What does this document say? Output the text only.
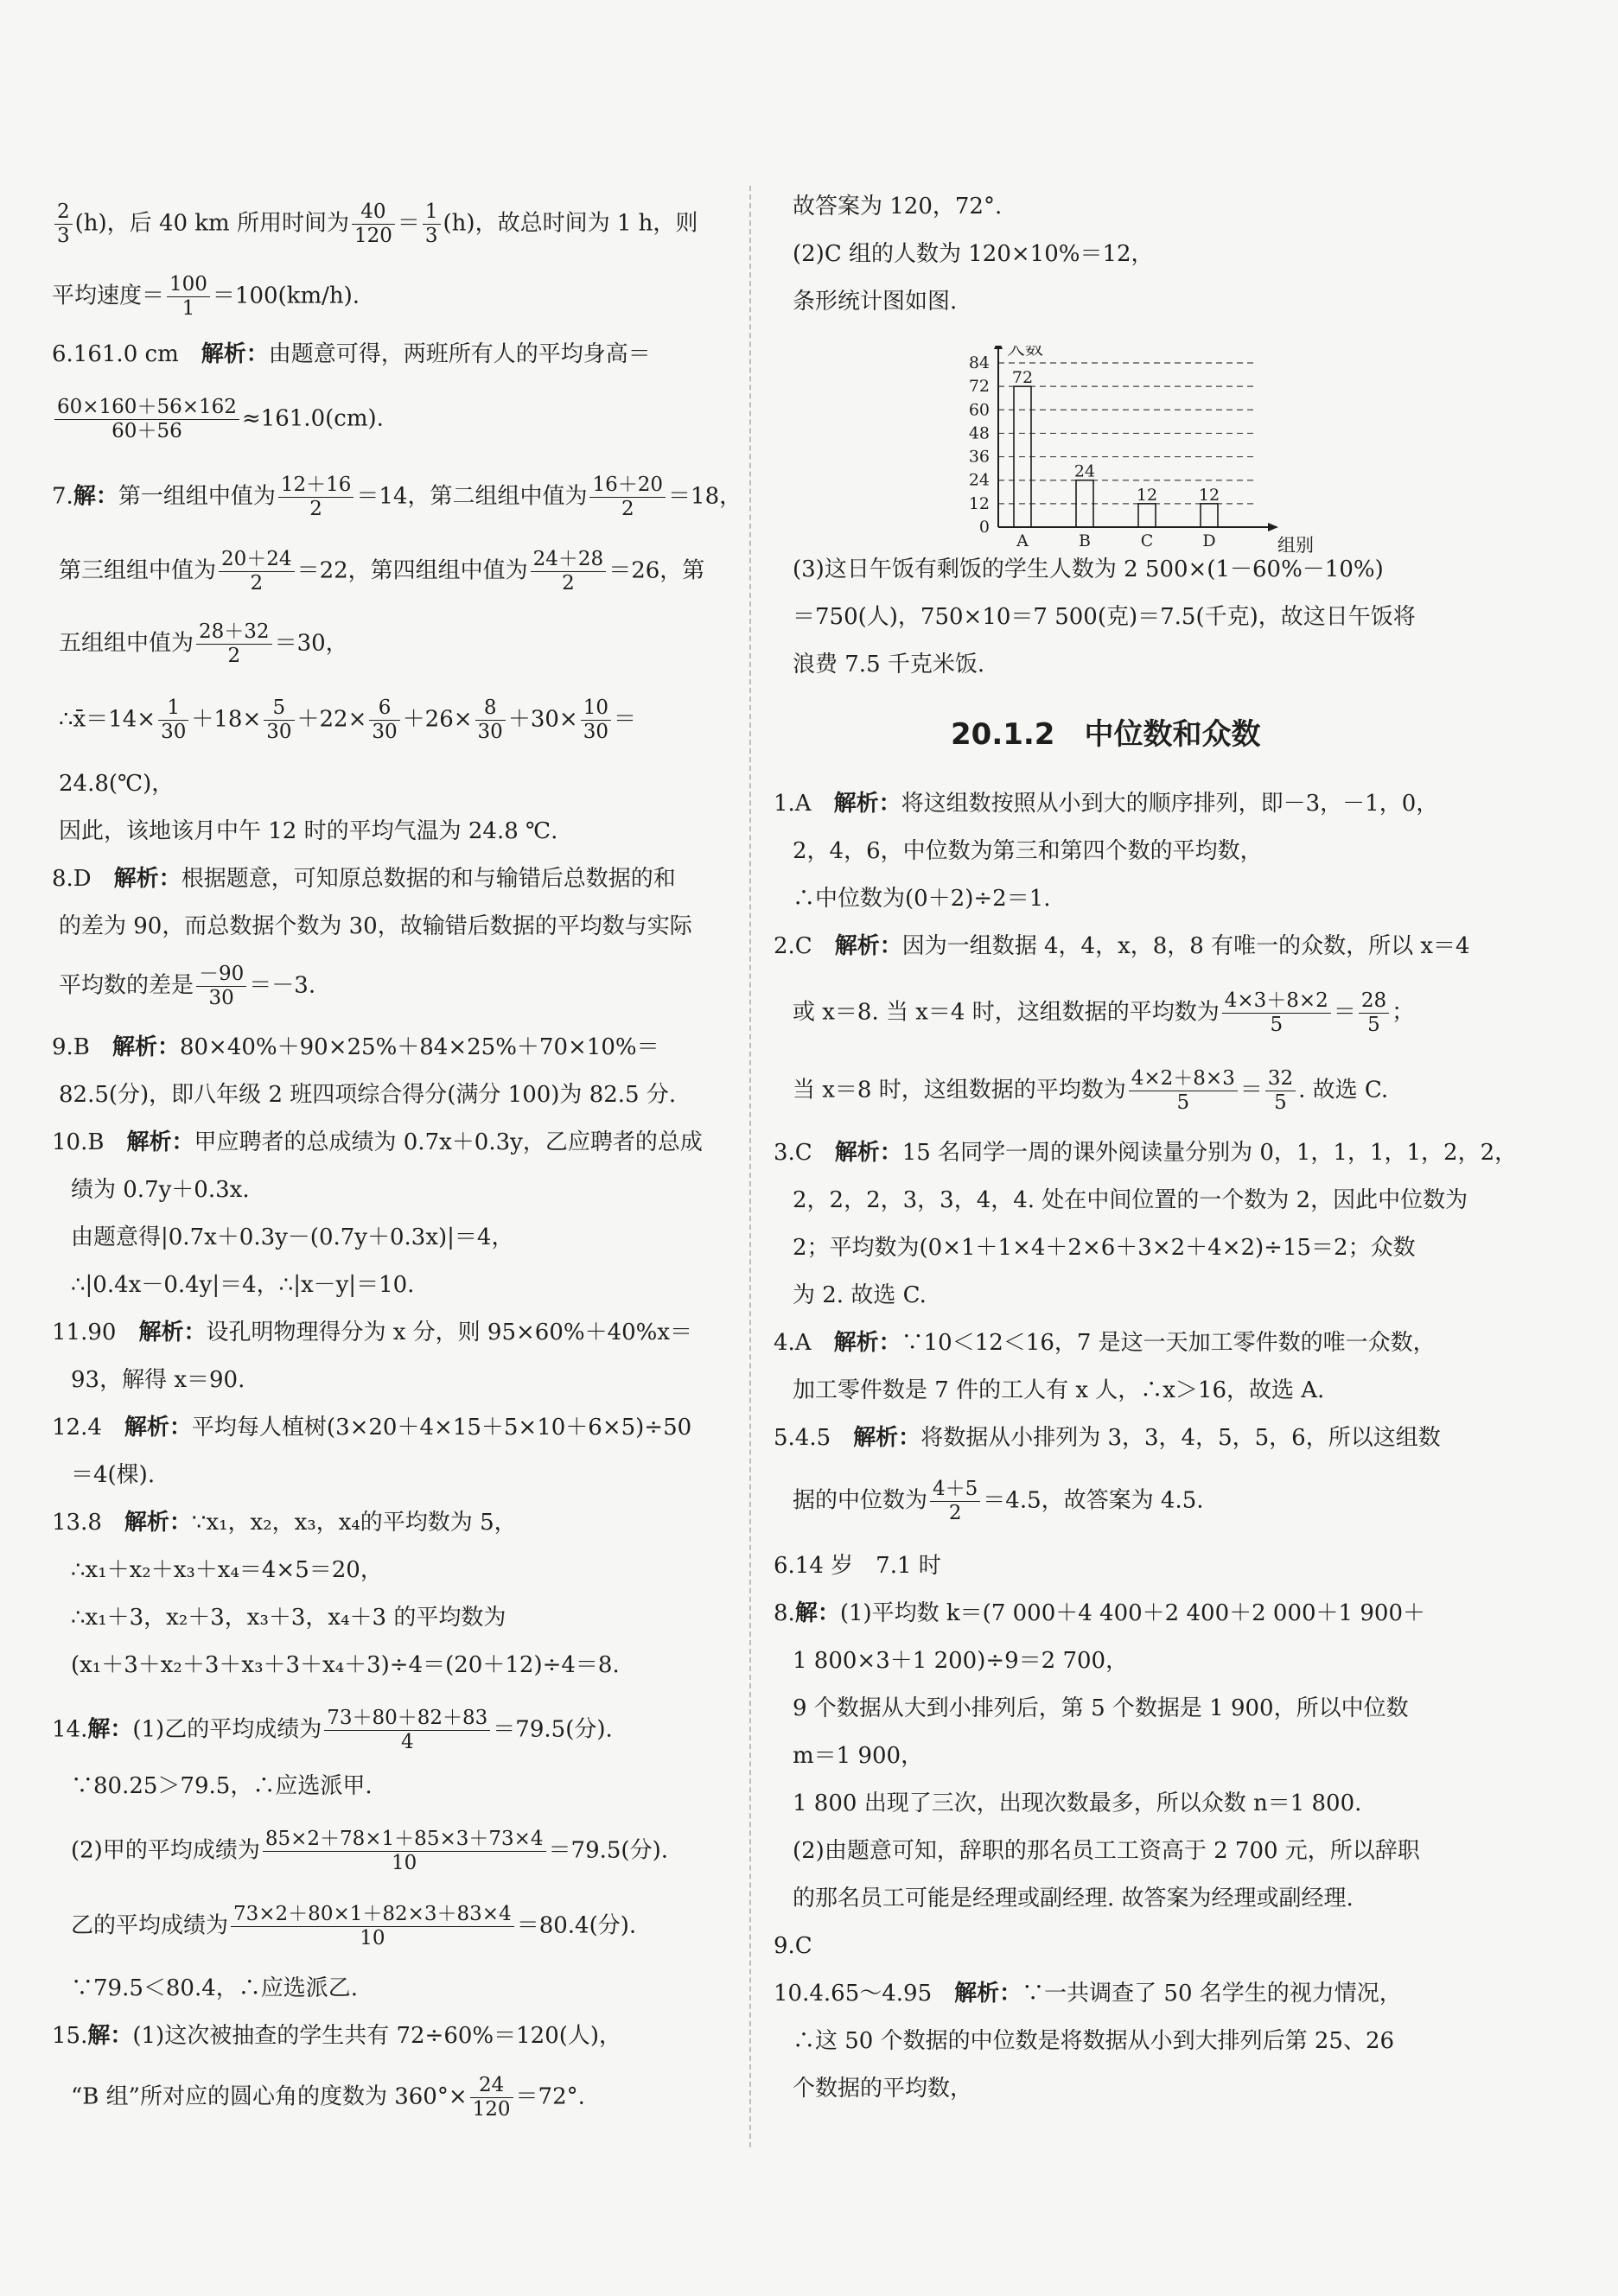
$\frac{2}{3} (h)$，后 40 km 所用时间为 $\frac{40}{120} = \frac{1}{3} (h)$，故总时间为 1 h，则
平均速度＝ $\frac{100}{1} =100(km/h)$.
6.161.0 cm　 解析：由题意可得，两班所有人的平均身高＝
$\frac{60\times 160+56\times 162}{60+56} \approx 161.0(cm)$.
7.解：第一组组中值为 $\frac{12+16}{2} =14$，第二组组中值为 $\frac{16+20}{2} =18$，
第三组组中值为 $\frac{20+24}{2} =22$，第四组组中值为 $\frac{24+28}{2} =26$，第
五组组中值为 $\frac{28+32}{2} =30$，
∴x̄＝14× $\frac{1}{30} +18\times \frac{5}{30} +22\times \frac{6}{30} +26\times \frac{8}{30} +30\times \frac{10}{30}$ ＝
24.8(℃)，
因此，该地该月中午 12 时的平均气温为 24.8 ℃.
8.D　 解析：根据题意，可知原总数据的和与输错后总数据的和
的差为 90，而总数据个数为 30，故输错后数据的平均数与实际
平均数的差是 $\frac{-90}{30} =-3$.
9.B　 解析：80×40%＋90×25%＋84×25%＋70×10%＝
82.5(分)，即八年级 2 班四项综合得分(满分 100)为 82.5 分.
10.B　 解析：甲应聘者的总成绩为 0.7x＋0.3y，乙应聘者的总成
绩为 0.7y＋0.3x.
由题意得|0.7x＋0.3y－(0.7y＋0.3x)|＝4，
∴|0.4x－0.4y|＝4，∴|x－y|＝10.
11.90　 解析：设孔明物理得分为 x 分，则 95×60%＋40%x＝
93，解得 x＝90.
12.4　 解析：平均每人植树(3×20＋4×15＋5×10＋6×5)÷50
＝4(棵).
13.8　 解析：∵x₁，x₂，x₃，x₄的平均数为 5，
∴x₁＋x₂＋x₃＋x₄＝4×5＝20，
∴x₁＋3，x₂＋3，x₃＋3，x₄＋3 的平均数为
(x₁＋3＋x₂＋3＋x₃＋3＋x₄＋3)÷4＝(20＋12)÷4＝8.
14.解：(1)乙的平均成绩为 $\frac{73+80+82+83}{4} =79.5$(分).
∵80.25＞79.5，∴应选派甲.
(2)甲的平均成绩为 $\frac{85\times 2+78\times 1+85\times 3+73\times 4}{10} =79.5$(分).
乙的平均成绩为 $\frac{73\times 2+80\times 1+82\times 3+83\times 4}{10} =80.4$(分).
∵79.5＜80.4，∴应选派乙.
15.解：(1)这次被抽查的学生共有 72÷60%＝120(人)，
“B 组”所对应的圆心角的度数为 $360^\circ\times \frac{24}{120} =72^\circ$.
故答案为 120，72°.
(2)C 组的人数为 120×10%＝12，
条形统计图如图.
0
12
24
36
48
60
72
84
人数
组别
72
A
24
B
12
C
12
D
(3)这日午饭有剩饭的学生人数为 2 500×(1－60%－10%)
＝750(人)，750×10＝7 500(克)＝7.5(千克)，故这日午饭将
浪费 7.5 千克米饭.
20.1.2　中位数和众数
1.A　 解析：将这组数按照从小到大的顺序排列，即－3，－1，0，
2，4，6，中位数为第三和第四个数的平均数，
∴中位数为(0＋2)÷2＝1.
2.C　 解析：因为一组数据 4，4，x，8，8 有唯一的众数，所以 x＝4
或 x＝8. 当 x＝4 时，这组数据的平均数为 $\frac{4\times 3+8\times 2}{5} = \frac{28}{5}$ ；
当 x＝8 时，这组数据的平均数为 $\frac{4\times 2+8\times 3}{5} = \frac{32}{5}$ . 故选 C.
3.C　 解析：15 名同学一周的课外阅读量分别为 0，1，1，1，1，2，2，
2，2，2，3，3，4，4. 处在中间位置的一个数为 2，因此中位数为
2；平均数为(0×1＋1×4＋2×6＋3×2＋4×2)÷15＝2；众数
为 2. 故选 C.
4.A　 解析：∵10＜12＜16，7 是这一天加工零件数的唯一众数，
加工零件数是 7 件的工人有 x 人，∴x＞16，故选 A.
5.4.5　 解析：将数据从小排列为 3，3，4，5，5，6，所以这组数
据的中位数为 $\frac{4+5}{2} =4.5$，故答案为 4.5.
6.14 岁　7.1 时
8.解：(1)平均数 k＝(7 000＋4 400＋2 400＋2 000＋1 900＋
1 800×3＋1 200)÷9＝2 700，
9 个数据从大到小排列后，第 5 个数据是 1 900，所以中位数
m＝1 900，
1 800 出现了三次，出现次数最多，所以众数 n＝1 800.
(2)由题意可知，辞职的那名员工工资高于 2 700 元，所以辞职
的那名员工可能是经理或副经理. 故答案为经理或副经理.
9.C
10.4.65～4.95　 解析：∵一共调查了 50 名学生的视力情况，
∴这 50 个数据的中位数是将数据从小到大排列后第 25、26
个数据的平均数，
